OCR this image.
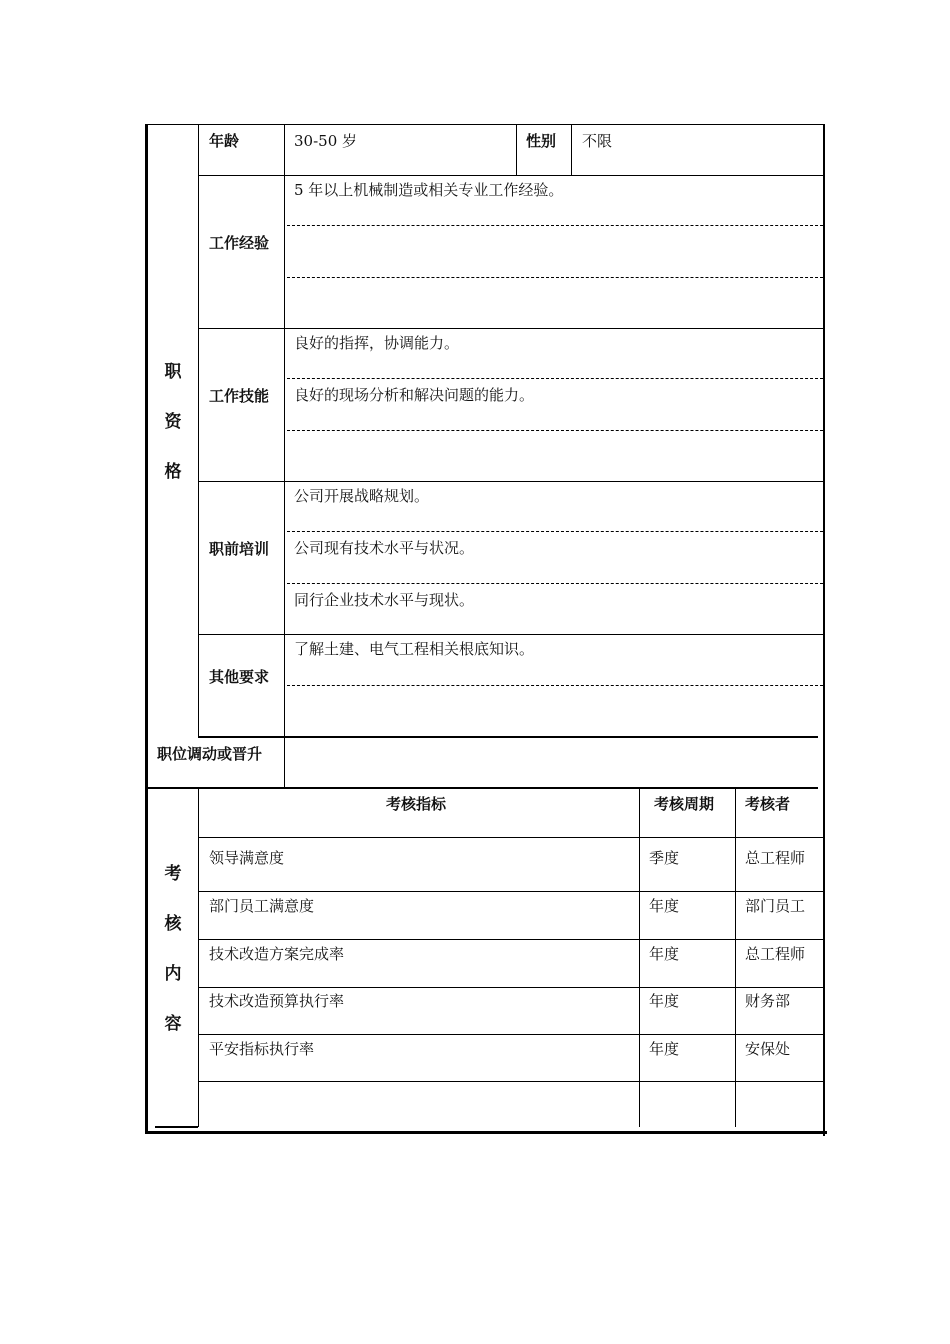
职
资
格
年龄	30-50 岁	性别 不限
工作经验
5 年以上机械制造或相关专业工作经验。
工作技能
良好的指挥，协调能力。
良好的现场分析和解决问题的能力。
职前培训
公司开展战略规划。
公司现有技术水平与状况。
同行企业技术水平与现状。
其他要求
了解土建、电气工程相关根底知识。
职位调动或晋升
考
核
内
容
考核指标	考核周期 考核者
领导满意度	季度	总工程师
部门员工满意度	年度	部门员工
技术改造方案完成率	年度	总工程师
技术改造预算执行率	年度	财务部
平安指标执行率	年度	安保处
